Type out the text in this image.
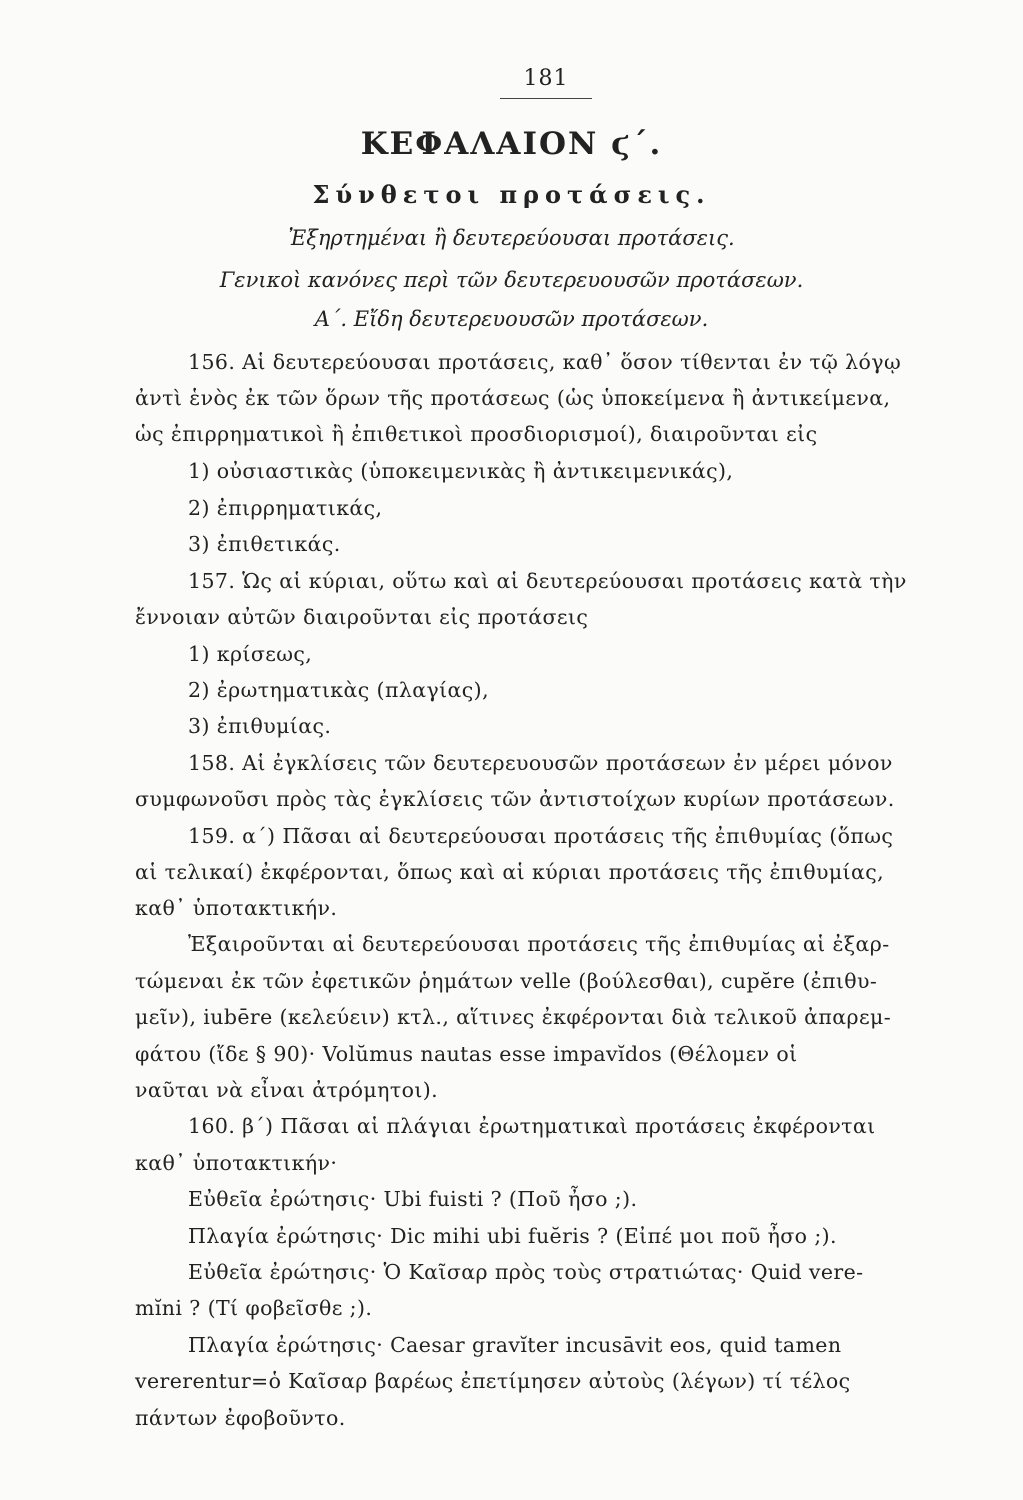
181
ΚΕΦΑΛΑΙΟΝ ϛ΄.
Σύνθετοι προτάσεις.
Ἐξηρτημέναι ἢ δευτερεύουσαι προτάσεις.
Γενικοὶ κανόνες περὶ τῶν δευτερευουσῶν προτάσεων.
Α΄. Εἴδη δευτερευουσῶν προτάσεων.
156. Αἱ δευτερεύουσαι προτάσεις, καθ᾽ ὅσον τίθενται ἐν τῷ λόγῳ
ἀντὶ ἑνὸς ἐκ τῶν ὅρων τῆς προτάσεως (ὡς ὑποκείμενα ἢ ἀντικείμενα,
ὡς ἐπιρρηματικοὶ ἢ ἐπιθετικοὶ προσδιορισμοί), διαιροῦνται εἰς
1) οὐσιαστικὰς (ὑποκειμενικὰς ἢ ἀντικειμενικάς),
2) ἐπιρρηματικάς,
3) ἐπιθετικάς.
157. Ὡς αἱ κύριαι, οὕτω καὶ αἱ δευτερεύουσαι προτάσεις κατὰ τὴν
ἔννοιαν αὐτῶν διαιροῦνται εἰς προτάσεις
1) κρίσεως,
2) ἐρωτηματικὰς (πλαγίας),
3) ἐπιθυμίας.
158. Αἱ ἐγκλίσεις τῶν δευτερευουσῶν προτάσεων ἐν μέρει μόνον
συμφωνοῦσι πρὸς τὰς ἐγκλίσεις τῶν ἀντιστοίχων κυρίων προτάσεων.
159. α΄) Πᾶσαι αἱ δευτερεύουσαι προτάσεις τῆς ἐπιθυμίας (ὅπως
αἱ τελικαί) ἐκφέρονται, ὅπως καὶ αἱ κύριαι προτάσεις τῆς ἐπιθυμίας,
καθ᾽ ὑποτακτικήν.
Ἐξαιροῦνται αἱ δευτερεύουσαι προτάσεις τῆς ἐπιθυμίας αἱ ἐξαρ-
τώμεναι ἐκ τῶν ἐφετικῶν ῥημάτων velle (βούλεσθαι), cupĕre (ἐπιθυ-
μεῖν), iubēre (κελεύειν) κτλ., αἵτινες ἐκφέρονται διὰ τελικοῦ ἀπαρεμ-
φάτου (ἴδε § 90)· Volŭmus nautas esse impavĭdos (Θέλομεν οἱ
ναῦται νὰ εἶναι ἀτρόμητοι).
160. β΄) Πᾶσαι αἱ πλάγιαι ἐρωτηματικαὶ προτάσεις ἐκφέρονται
καθ᾽ ὑποτακτικήν·
Εὐθεῖα ἐρώτησις· Ubi fuisti ? (Ποῦ ἦσο ;).
Πλαγία ἐρώτησις· Dic mihi ubi fuĕris ? (Εἰπέ μοι ποῦ ἦσο ;).
Εὐθεῖα ἐρώτησις· Ὁ Καῖσαρ πρὸς τοὺς στρατιώτας· Quid vere-
mĭni ? (Τί φοβεῖσθε ;).
Πλαγία ἐρώτησις· Caesar gravĭter incusāvit eos, quid tamen
vererentur=ὁ Καῖσαρ βαρέως ἐπετίμησεν αὐτοὺς (λέγων) τί τέλος
πάντων ἐφοβοῦντο.
